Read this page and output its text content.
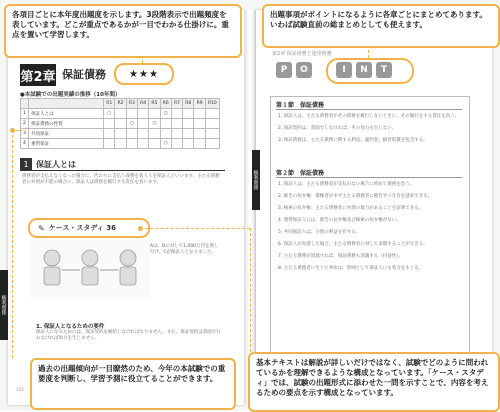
第2章 保証債務	★★★
●本試験での出題実績の推移（10年間）
		R1	R2	R3	R4	R5	R6	R7	R8	R9	R10
1	保証人とは	○					○				
2	保証債務の性質			○		○					
3	共同保証										
4	連帯保証						○				
1 保証人とは
債務者が支払えなくなった場合に、代わりに支払う義務を負う人を保証人といいます。主たる債務者の弁済が不能の場合に、保証人は債務を履行する責任を負います。
✎ ケース・スタディ 36
Aは、Bに対して1,000万円を貸し付け、Cが保証人となりました。
1. 保証人となるための要件
保証人になるためには、保証契約を締結しなければなりません。また、保証契約は書面で行わなければ効力を生じません。
権利関係
120
第2章 保証債務と連帯債務
P	O	I	N	T
第１節　保証債務
1. 保証人は、主たる債務者がその債務を履行しないときに、その履行をする責任を負う。
2. 保証契約は、書面でしなければ、その効力を生じない。
3. 保証債務は、主たる債務に関する利息、違約金、損害賠償を包含する。
第２節　保証債務
1. 保証人は、主たる債務者が支払わない場合に初めて債務を負う。
2. 催告の抗弁権：債権者がまず主たる債務者に催告すべき旨を請求できる。
3. 検索の抗弁権：主たる債務者に弁済の資力があることを証明できる。
4. 連帯保証人には、催告の抗弁権及び検索の抗弁権がない。
5. 共同保証人は、分別の利益を有する。
6. 保証人が弁済した場合、主たる債務者に対して求償することができる。
7. 主たる債務が消滅すれば、保証債務も消滅する（付従性）。
8. 主たる債務者に生じた事由は、原則として保証人にも効力を生じる。
権利関係
各項目ごとに本年度出題度を示します。3段階表示で出題頻度を表しています。どこが重点であるかが一目でわかる仕掛けに。重点を置いて学習します。
出題事項がポイントになるように各章ごとにまとめてあります。いわば試験直前の総まとめとしても使えます。
過去の出題傾向が一目瞭然のため、今年の本試験での重要度を判断し、学習予測に役立てることができます。
基本テキストは解説が詳しいだけではなく、試験でどのように問われているかを理解できるような構成となっています。「ケース・スタディ」では、試験の出題形式に添わせた一問を示すことで、内容を考えるための要点を示す構成となっています。
